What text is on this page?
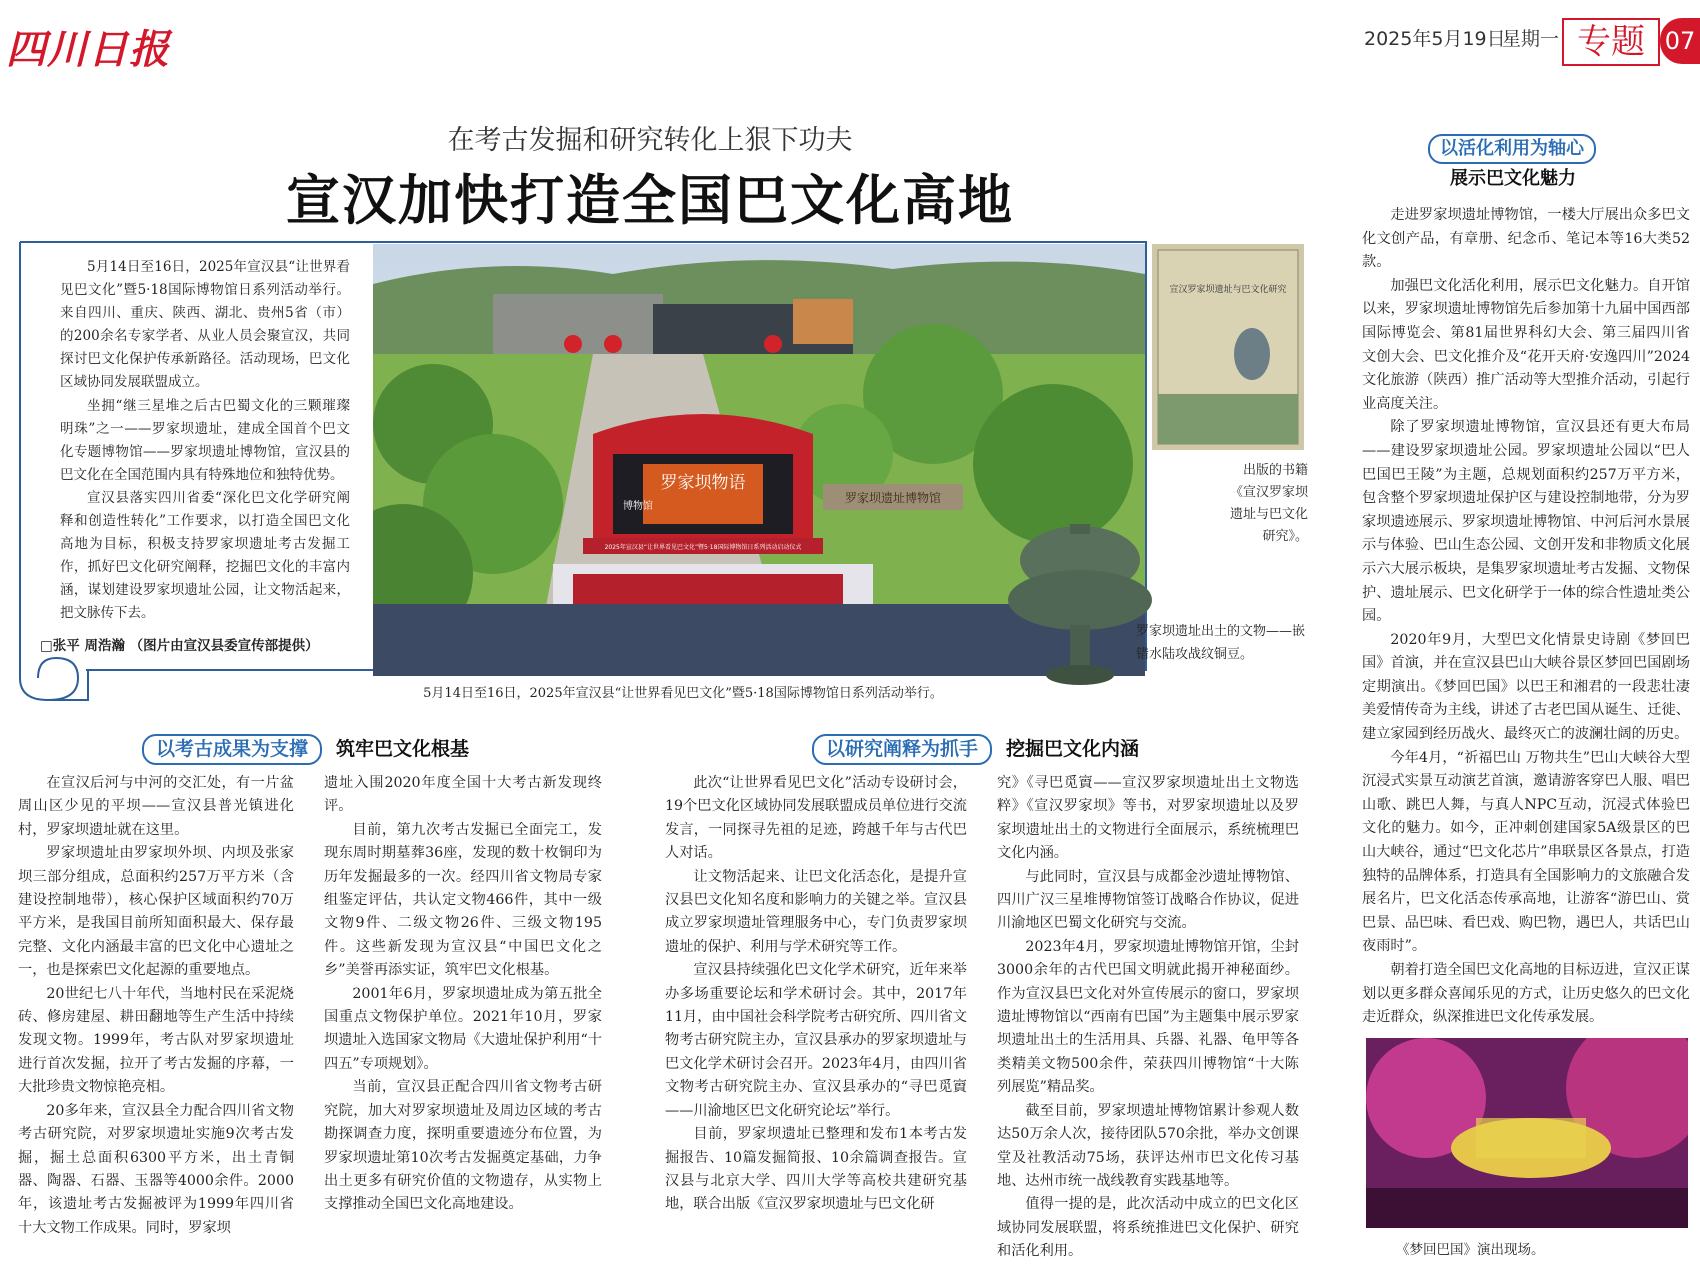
四川日报	2025年5月19日
星期一 专题 07
在考古发掘和研究转化上狠下功夫
宣汉加快打造全国巴文化高地

5月14日至16日，2025年宣汉县“让世界看见巴文化”暨5·18国际博物馆日系列活动举行。来自四川、重庆、陕西、湖北、贵州5省（市）的200余名专家学者、从业人员会聚宣汉，共同探讨巴文化保护传承新路径。活动现场，巴文化区域协同发展联盟成立。

坐拥“继三星堆之后古巴蜀文化的三颗璀璨明珠”之一——罗家坝遗址，建成全国首个巴文化专题博物馆——罗家坝遗址博物馆，宣汉县的巴文化在全国范围内具有特殊地位和独特优势。

宣汉县落实四川省委“深化巴文化学研究阐释和创造性转化”工作要求，以打造全国巴文化高地为目标，积极支持罗家坝遗址考古发掘工作，抓好巴文化研究阐释，挖掘巴文化的丰富内涵，谋划建设罗家坝遗址公园，让文物活起来，把文脉传下去。

□张平 周浩瀚 （图片由宣汉县委宣传部提供）
罗家坝物语
博物馆
罗家坝遗址博物馆
2025年宣汉县“让世界看见巴文化”暨5·18国际博物馆日系列活动启动仪式
5月14日至16日，2025年宣汉县“让世界看见巴文化”暨5·18国际博物馆日系列活动举行。
宣汉罗家坝遗址与巴文化研究
出版的书籍《宣汉罗家坝遗址与巴文化研究》。
罗家坝遗址出土的文物——嵌错水陆攻战纹铜豆。
以考古成果为支撑 筑牢巴文化根基	以研究阐释为抓手 挖掘巴文化内涵

在宣汉后河与中河的交汇处，有一片盆周山区少见的平坝——宣汉县普光镇进化村，罗家坝遗址就在这里。

罗家坝遗址由罗家坝外坝、内坝及张家坝三部分组成，总面积约257万平方米（含建设控制地带），核心保护区域面积约70万平方米，是我国目前所知面积最大、保存最完整、文化内涵最丰富的巴文化中心遗址之一，也是探索巴文化起源的重要地点。

20世纪七八十年代，当地村民在采泥烧砖、修房建屋、耕田翻地等生产生活中持续发现文物。1999年，考古队对罗家坝遗址进行首次发掘，拉开了考古发掘的序幕，一大批珍贵文物惊艳亮相。

20多年来，宣汉县全力配合四川省文物考古研究院，对罗家坝遗址实施9次考古发掘，掘土总面积6300平方米，出土青铜器、陶器、石器、玉器等4000余件。2000年，该遗址考古发掘被评为1999年四川省十大文物工作成果。同时，罗家坝

遗址入围2020年度全国十大考古新发现终评。

目前，第九次考古发掘已全面完工，发现东周时期墓葬36座，发现的数十枚铜印为历年发掘最多的一次。经四川省文物局专家组鉴定评估，共认定文物466件，其中一级文物9件、二级文物26件、三级文物195件。这些新发现为宣汉县“中国巴文化之乡”美誉再添实证，筑牢巴文化根基。

2001年6月，罗家坝遗址成为第五批全国重点文物保护单位。2021年10月，罗家坝遗址入选国家文物局《大遗址保护利用“十四五”专项规划》。

当前，宣汉县正配合四川省文物考古研究院，加大对罗家坝遗址及周边区域的考古勘探调查力度，探明重要遗迹分布位置，为罗家坝遗址第10次考古发掘奠定基础，力争出土更多有研究价值的文物遗存，从实物上支撑推动全国巴文化高地建设。

此次“让世界看见巴文化”活动专设研讨会，19个巴文化区域协同发展联盟成员单位进行交流发言，一同探寻先祖的足迹，跨越千年与古代巴人对话。

让文物活起来、让巴文化活态化，是提升宣汉县巴文化知名度和影响力的关键之举。宣汉县成立罗家坝遗址管理服务中心，专门负责罗家坝遗址的保护、利用与学术研究等工作。

宣汉县持续强化巴文化学术研究，近年来举办多场重要论坛和学术研讨会。其中，2017年11月，由中国社会科学院考古研究所、四川省文物考古研究院主办，宣汉县承办的罗家坝遗址与巴文化学术研讨会召开。2023年4月，由四川省文物考古研究院主办、宣汉县承办的“寻巴觅賨——川渝地区巴文化研究论坛”举行。

目前，罗家坝遗址已整理和发布1本考古发掘报告、10篇发掘简报、10余篇调查报告。宣汉县与北京大学、四川大学等高校共建研究基地，联合出版《宣汉罗家坝遗址与巴文化研

究》《寻巴觅賨——宣汉罗家坝遗址出土文物选粹》《宣汉罗家坝》等书，对罗家坝遗址以及罗家坝遗址出土的文物进行全面展示，系统梳理巴文化内涵。

与此同时，宣汉县与成都金沙遗址博物馆、四川广汉三星堆博物馆签订战略合作协议，促进川渝地区巴蜀文化研究与交流。

2023年4月，罗家坝遗址博物馆开馆，尘封3000余年的古代巴国文明就此揭开神秘面纱。作为宣汉县巴文化对外宣传展示的窗口，罗家坝遗址博物馆以“西南有巴国”为主题集中展示罗家坝遗址出土的生活用具、兵器、礼器、龟甲等各类精美文物500余件，荣获四川博物馆“十大陈列展览”精品奖。

截至目前，罗家坝遗址博物馆累计参观人数达50万余人次，接待团队570余批，举办文创课堂及社教活动75场，获评达州市巴文化传习基地、达州市统一战线教育实践基地等。

值得一提的是，此次活动中成立的巴文化区域协同发展联盟，将系统推进巴文化保护、研究和活化利用。

以活化利用为轴心
展示巴文化魅力

走进罗家坝遗址博物馆，一楼大厅展出众多巴文化文创产品，有章册、纪念币、笔记本等16大类52款。

加强巴文化活化利用，展示巴文化魅力。自开馆以来，罗家坝遗址博物馆先后参加第十九届中国西部国际博览会、第81届世界科幻大会、第三届四川省文创大会、巴文化推介及“花开天府·安逸四川”2024文化旅游（陕西）推广活动等大型推介活动，引起行业高度关注。

除了罗家坝遗址博物馆，宣汉县还有更大布局——建设罗家坝遗址公园。罗家坝遗址公园以“巴人巴国巴王陵”为主题，总规划面积约257万平方米，包含整个罗家坝遗址保护区与建设控制地带，分为罗家坝遗迹展示、罗家坝遗址博物馆、中河后河水景展示与体验、巴山生态公园、文创开发和非物质文化展示六大展示板块，是集罗家坝遗址考古发掘、文物保护、遗址展示、巴文化研学于一体的综合性遗址类公园。

2020年9月，大型巴文化情景史诗剧《梦回巴国》首演，并在宣汉县巴山大峡谷景区梦回巴国剧场定期演出。《梦回巴国》以巴王和湘君的一段悲壮凄美爱情传奇为主线，讲述了古老巴国从诞生、迁徙、建立家园到经历战火、最终灭亡的波澜壮阔的历史。

今年4月，“祈福巴山 万物共生”巴山大峡谷大型沉浸式实景互动演艺首演，邀请游客穿巴人服、唱巴山歌、跳巴人舞，与真人NPC互动，沉浸式体验巴文化的魅力。如今，正冲刺创建国家5A级景区的巴山大峡谷，通过“巴文化芯片”串联景区各景点，打造独特的品牌体系，打造具有全国影响力的文旅融合发展名片，巴文化活态传承高地，让游客“游巴山、赏巴景、品巴味、看巴戏、购巴物，遇巴人，共话巴山夜雨时”。

朝着打造全国巴文化高地的目标迈进，宣汉正谋划以更多群众喜闻乐见的方式，让历史悠久的巴文化走近群众，纵深推进巴文化传承发展。

《梦回巴国》演出现场。
